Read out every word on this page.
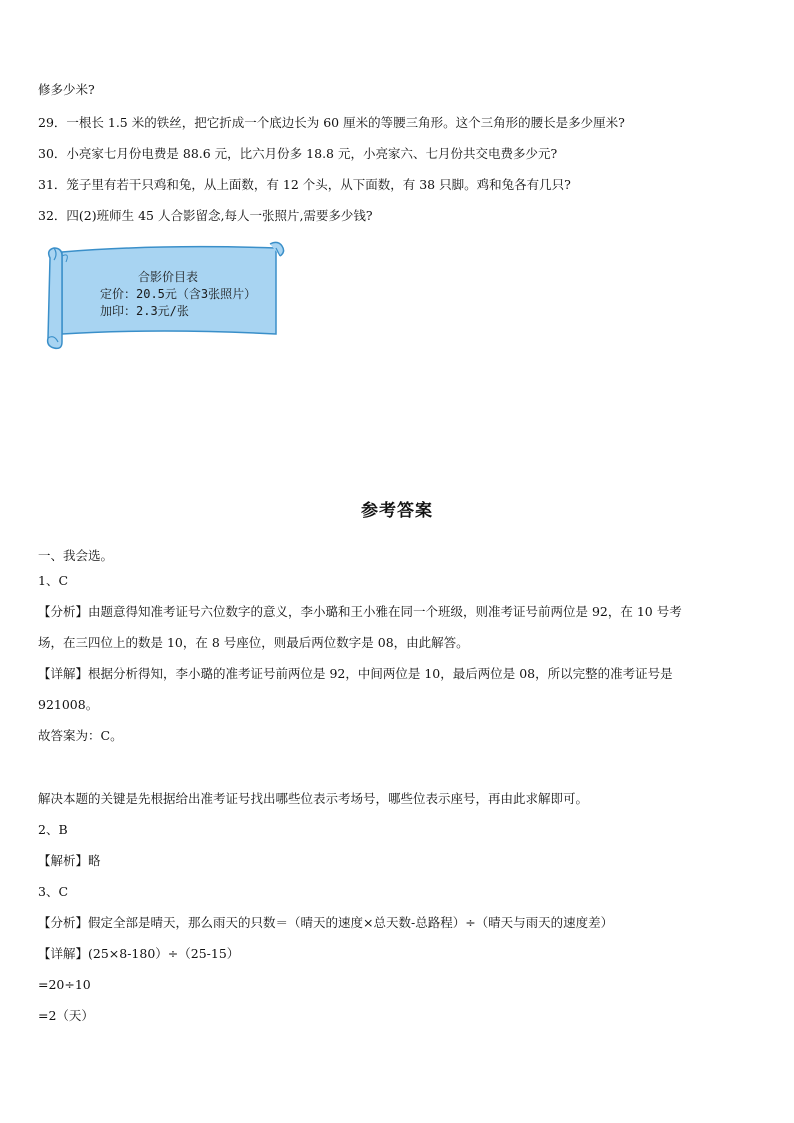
修多少米?
29．一根长 1.5 米的铁丝，把它折成一个底边长为 60 厘米的等腰三角形。这个三角形的腰长是多少厘米?
30．小亮家七月份电费是 88.6 元，比六月份多 18.8 元，小亮家六、七月份共交电费多少元?
31．笼子里有若干只鸡和兔，从上面数，有 12 个头，从下面数，有 38 只脚。鸡和兔各有几只?
32．四(2)班师生 45 人合影留念,每人一张照片,需要多少钱?
合影价目表
定价：20.5元（含3张照片）
加印：2.3元/张
参考答案
一、我会选。
1、C
【分析】由题意得知准考证号六位数字的意义，李小璐和王小雅在同一个班级，则准考证号前两位是 92，在 10 号考
场，在三四位上的数是 10，在 8 号座位，则最后两位数字是 08，由此解答。
【详解】根据分析得知，李小璐的准考证号前两位是 92，中间两位是 10，最后两位是 08，所以完整的准考证号是
921008。
故答案为：C。
解决本题的关键是先根据给出准考证号找出哪些位表示考场号，哪些位表示座号，再由此求解即可。
2、B
【解析】略
3、C
【分析】假定全部是晴天，那么雨天的只数＝（晴天的速度×总天数-总路程）÷（晴天与雨天的速度差）
【详解】(25×8-180）÷（25-15）
=20÷10
=2（天）
